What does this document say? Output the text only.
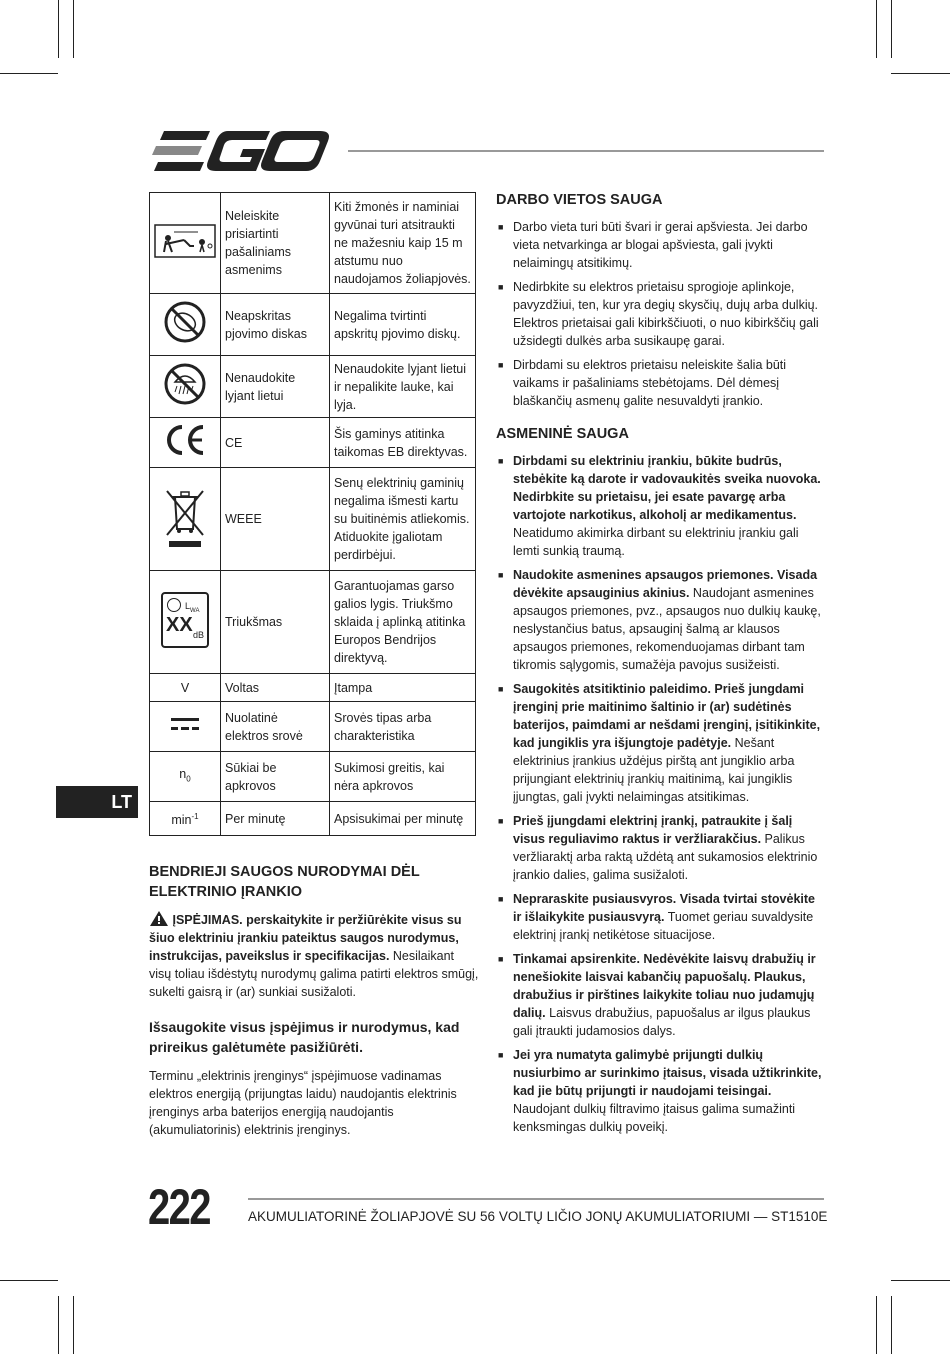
LT
	Neleiskite prisiartinti pašaliniams asmenims	Kiti žmonės ir naminiai gyvūnai turi atsitraukti ne mažesniu kaip 15 m atstumu nuo naudojamos žoliapjovės.
	Neapskritas pjovimo diskas	Negalima tvirtinti apskritų pjovimo diskų.
	Nenaudokite lyjant lietui	Nenaudokite lyjant lietui ir nepalikite lauke, kai lyja.
	CE	Šis gaminys atitinka taikomas EB direktyvas.
	WEEE	Senų elektrinių gaminių negalima išmesti kartu su buitinėmis atliekomis. Atiduokite įgaliotam perdirbėjui.

$L_{WA}$
XX dB	Triukšmas	Garantuojamas garso galios lygis. Triukšmo sklaida į aplinką atitinka Europos Bendrijos direktyvą.
V	Voltas	Įtampa
	Nuolatinė elektros srovė	Srovės tipas arba charakteristika
$n_0$	Sūkiai be apkrovos	Sukimosi greitis, kai nėra apkrovos
$\min^{-1}$	Per minutę	Apsisukimai per minutę
BENDRIEJI SAUGOS NURODYMAI DĖL ELEKTRINIO ĮRANKIO

ĮSPĖJIMAS. perskaitykite ir peržiūrėkite visus su šiuo elektriniu įrankiu pateiktus saugos nurodymus, instrukcijas, paveikslus ir specifikacijas. Nesilaikant visų toliau išdėstytų nurodymų galima patirti elektros smūgį, sukelti gaisrą ir (ar) sunkiai susižaloti.

Išsaugokite visus įspėjimus ir nurodymus, kad prireikus galėtumėte pasižiūrėti.

Terminu „elektrinis įrenginys“ įspėjimuose vadinamas elektros energiją (prijungtas laidu) naudojantis elektrinis įrenginys arba baterijos energiją naudojantis (akumuliatorinis) elektrinis įrenginys.

DARBO VIETOS SAUGA
■ Darbo vieta turi būti švari ir gerai apšviesta. Jei darbo vieta netvarkinga ar blogai apšviesta, gali įvykti nelaimingų atsitikimų.
■ Nedirbkite su elektros prietaisu sprogioje aplinkoje, pavyzdžiui, ten, kur yra degių skysčių, dujų arba dulkių. Elektros prietaisai gali kibirkščiuoti, o nuo kibirkščių gali užsidegti dulkės arba susikaupę garai.
■ Dirbdami su elektros prietaisu neleiskite šalia būti vaikams ir pašaliniams stebėtojams. Dėl dėmesį blaškančių asmenų galite nesuvaldyti įrankio.
ASMENINĖ SAUGA
■ Dirbdami su elektriniu įrankiu, būkite budrūs, stebėkite ką darote ir vadovaukitės sveika nuovoka. Nedirbkite su prietaisu, jei esate pavargę arba vartojote narkotikus, alkoholį ar medikamentus. Neatidumo akimirka dirbant su elektriniu įrankiu gali lemti sunkią traumą.
■ Naudokite asmenines apsaugos priemones. Visada dėvėkite apsauginius akinius. Naudojant asmenines apsaugos priemones, pvz., apsaugos nuo dulkių kaukę, neslystančius batus, apsauginį šalmą ar klausos apsaugos priemones, rekomenduojamas dirbant tam tikromis sąlygomis, sumažėja pavojus susižeisti.
■ Saugokitės atsitiktinio paleidimo. Prieš jungdami įrenginį prie maitinimo šaltinio ir (ar) sudėtinės baterijos, paimdami ar nešdami įrenginį, įsitikinkite, kad jungiklis yra išjungtoje padėtyje. Nešant elektrinius įrankius uždėjus pirštą ant jungiklio arba prijungiant elektrinių įrankių maitinimą, kai jungiklis įjungtas, gali įvykti nelaimingas atsitikimas.
■ Prieš įjungdami elektrinį įrankį, patraukite į šalį visus reguliavimo raktus ir veržliarakčius. Palikus veržliaraktį arba raktą uždėtą ant sukamosios elektrinio įrankio dalies, galima susižaloti.
■ Nepraraskite pusiausvyros. Visada tvirtai stovėkite ir išlaikykite pusiausvyrą. Tuomet geriau suvaldysite elektrinį įrankį netikėtose situacijose.
■ Tinkamai apsirenkite. Nedėvėkite laisvų drabužių ir nenešiokite laisvai kabančių papuošalų. Plaukus, drabužius ir pirštines laikykite toliau nuo judamųjų dalių. Laisvus drabužius, papuošalus ar ilgus plaukus gali įtraukti judamosios dalys.
■ Jei yra numatyta galimybė prijungti dulkių nusiurbimo ar surinkimo įtaisus, visada užtikrinkite, kad jie būtų prijungti ir naudojami teisingai. Naudojant dulkių filtravimo įtaisus galima sumažinti kenksmingas dulkių poveikį.
222	AKUMULIATORINĖ ŽOLIAPJOVĖ SU 56 VOLTŲ LIČIO JONŲ AKUMULIATORIUMI — ST1510E
